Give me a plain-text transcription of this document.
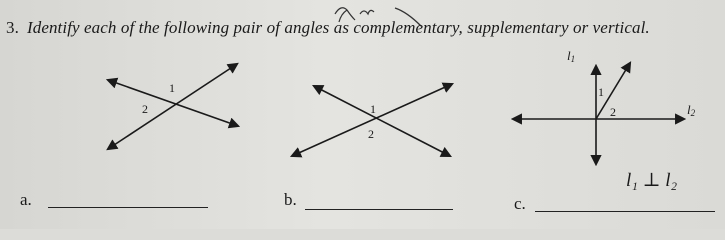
3. Identify each of the following pair of angles as complementary, supplementary or vertical.
1
2	1
2
l1
l2
1
2
l₁ ⊥ l₂
a.	b.	c.
